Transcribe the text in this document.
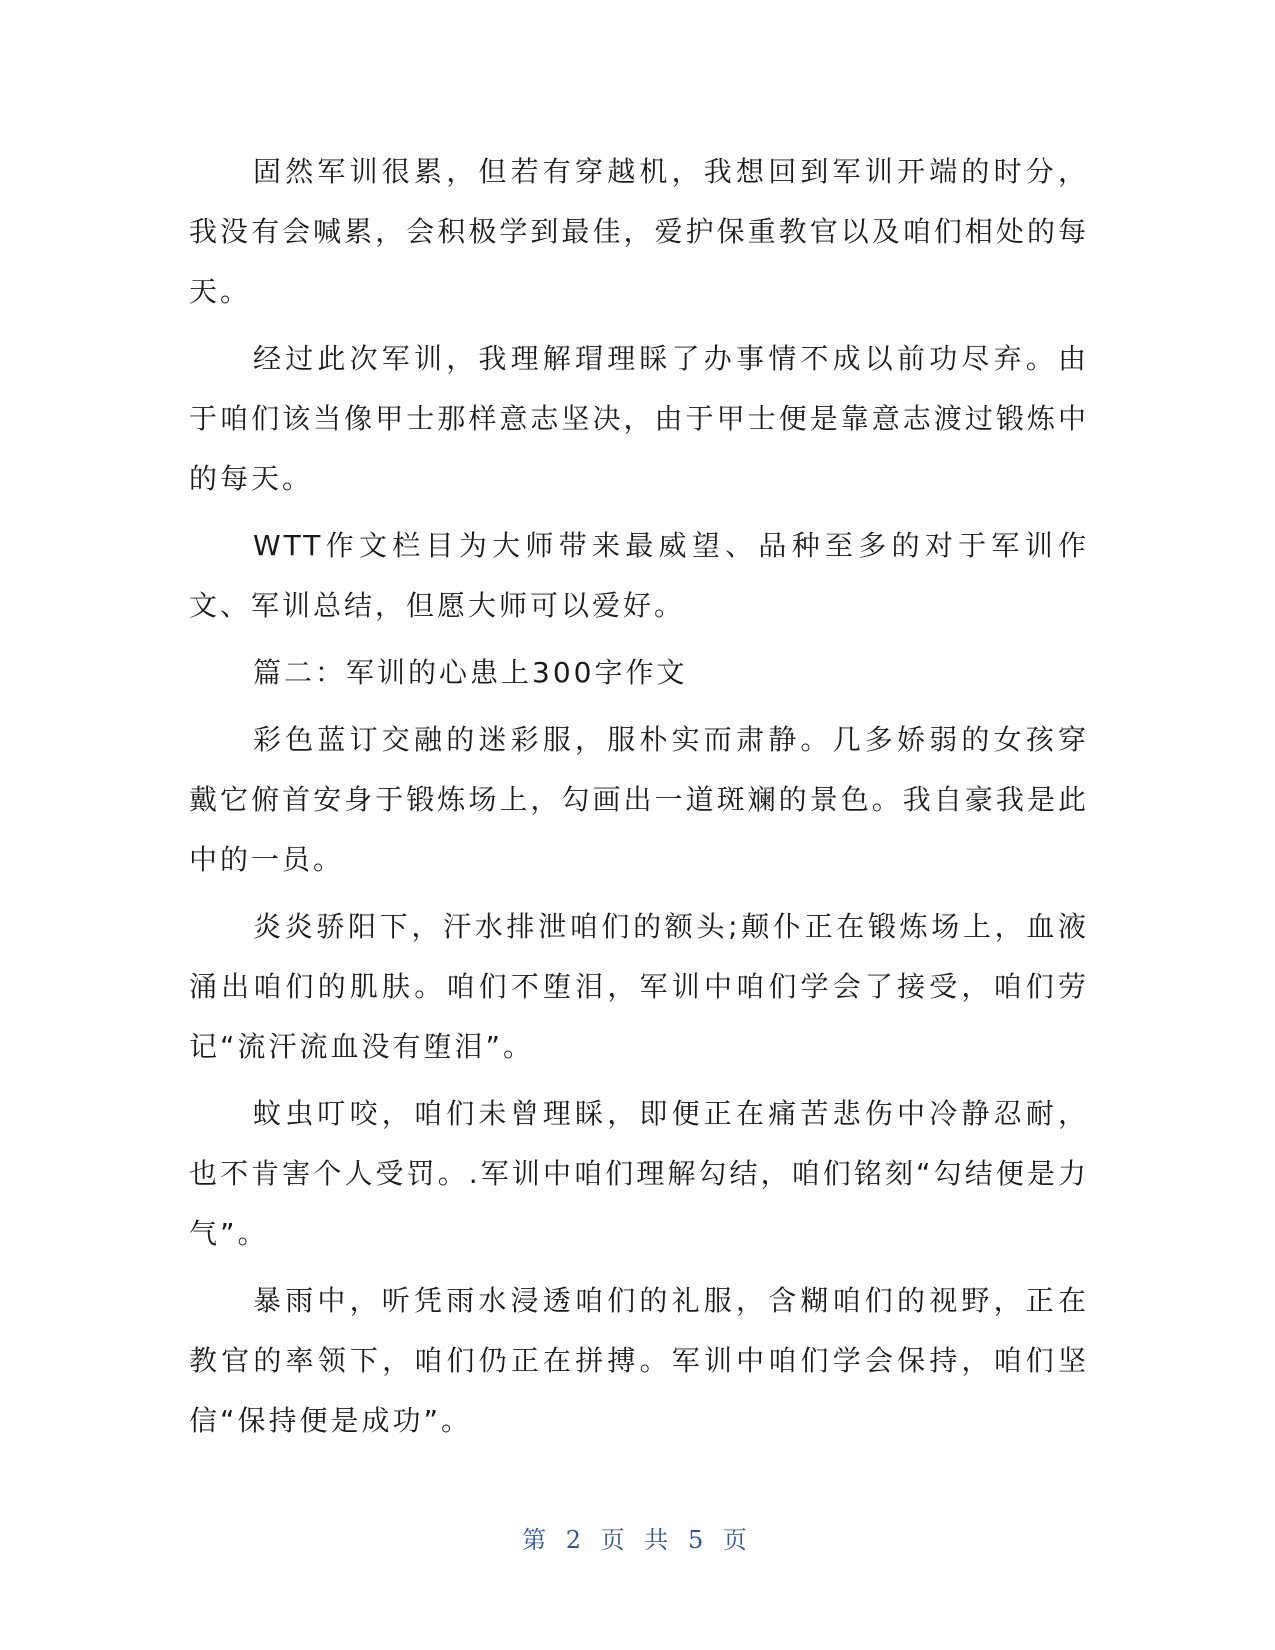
固然军训很累，但若有穿越机，我想回到军训开端的时分，我没有会喊累，会积极学到最佳，爱护保重教官以及咱们相处的每天。

经过此次军训，我理解瑁理睬了办事情不成以前功尽弃。由于咱们该当像甲士那样意志坚决，由于甲士便是靠意志渡过锻炼中的每天。

WTT作文栏目为大师带来最威望、品种至多的对于军训作文、军训总结，但愿大师可以爱好。

篇二：军训的心患上300字作文

彩色蓝订交融的迷彩服，服朴实而肃静。几多娇弱的女孩穿戴它俯首安身于锻炼场上，勾画出一道斑斓的景色。我自豪我是此中的一员。

炎炎骄阳下，汗水排泄咱们的额头;颠仆正在锻炼场上，血液涌出咱们的肌肤。咱们不堕泪，军训中咱们学会了接受，咱们劳记“流汗流血没有堕泪”。

蚊虫叮咬，咱们未曾理睬，即便正在痛苦悲伤中冷静忍耐，也不肯害个人受罚。.军训中咱们理解勾结，咱们铭刻“勾结便是力气”。

暴雨中，听凭雨水浸透咱们的礼服，含糊咱们的视野，正在教官的率领下，咱们仍正在拼搏。军训中咱们学会保持，咱们坚信“保持便是成功”。

第 2 页 共 5 页
